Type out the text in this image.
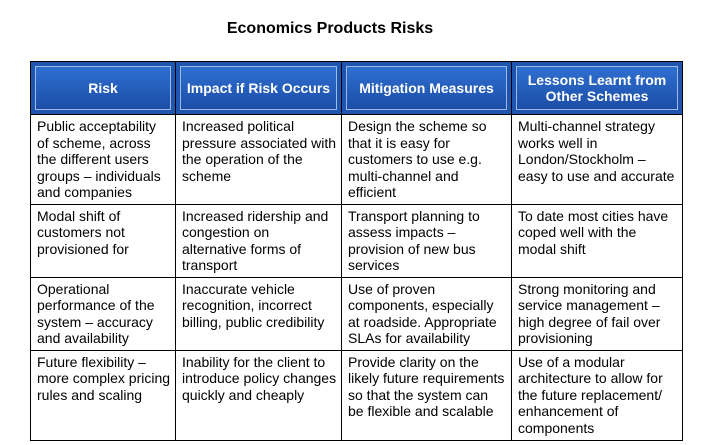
Economics Products Risks
Risk	Impact if Risk Occurs	Mitigation Measures	Lessons Learnt from Other Schemes

Public acceptability of scheme, across the different users groups – individuals and companies	Increased political pressure associated with the operation of the scheme	Design the scheme so that it is easy for customers to use e.g. multi-channel and efficient	Multi-channel strategy works well in London/Stockholm – easy to use and accurate
Modal shift of customers not provisioned for	Increased ridership and congestion on alternative forms of transport	Transport planning to assess impacts – provision of new bus services	To date most cities have coped well with the modal shift
Operational performance of the system – accuracy and availability	Inaccurate vehicle recognition, incorrect billing, public credibility	Use of proven components, especially at roadside. Appropriate SLAs for availability	Strong monitoring and service management – high degree of fail over provisioning
Future flexibility – more complex pricing rules and scaling	Inability for the client to introduce policy changes quickly and cheaply	Provide clarity on the likely future requirements so that the system can be flexible and scalable	Use of a modular architecture to allow for the future replacement/ enhancement of components
